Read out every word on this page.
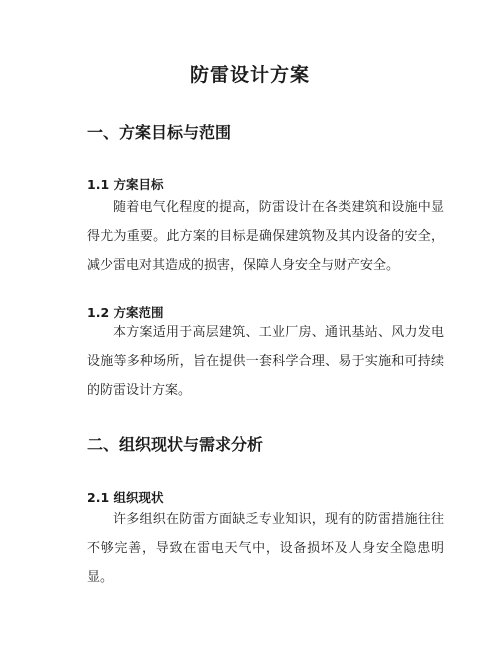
防雷设计方案
一、方案目标与范围
1.1 方案目标

随着电气化程度的提高，防雷设计在各类建筑和设施中显得尤为重要。此方案的目标是确保建筑物及其内设备的安全，减少雷电对其造成的损害，保障人身安全与财产安全。

1.2 方案范围

本方案适用于高层建筑、工业厂房、通讯基站、风力发电设施等多种场所，旨在提供一套科学合理、易于实施和可持续的防雷设计方案。

二、组织现状与需求分析
2.1 组织现状

许多组织在防雷方面缺乏专业知识，现有的防雷措施往往不够完善，导致在雷电天气中，设备损坏及人身安全隐患明显。
